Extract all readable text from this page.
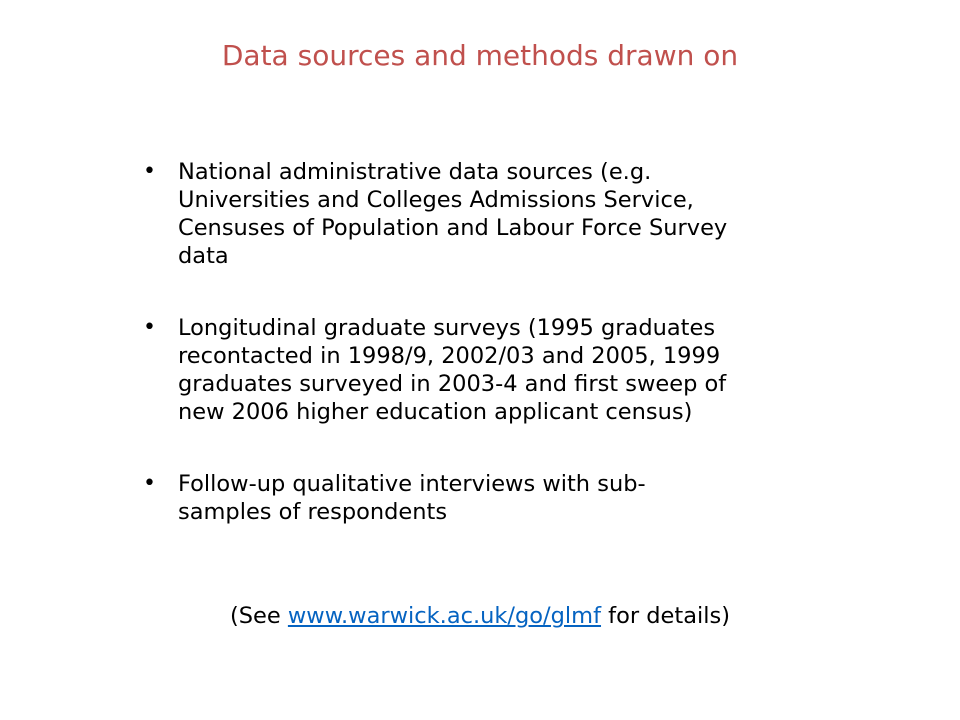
Data sources and methods drawn on
• National administrative data sources (e.g.
Universities and Colleges Admissions Service,
Censuses of Population and Labour Force Survey
data
• Longitudinal graduate surveys (1995 graduates
recontacted in 1998/9, 2002/03 and 2005, 1999
graduates surveyed in 2003-4 and first sweep of
new 2006 higher education applicant census)
• Follow-up qualitative interviews with sub-
samples of respondents
(See www.warwick.ac.uk/go/glmf for details)
